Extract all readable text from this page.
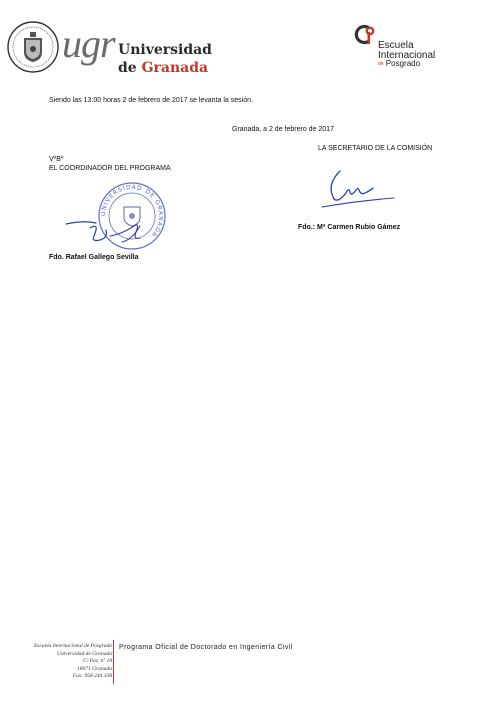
ugr Universidad
de Granada
Escuela
Internacional
de Posgrado
Siendo las 13:00 horas 2 de febrero de 2017 se levanta la sesión.
Granada, a 2 de febrero de 2017
LA SECRETARIO DE LA COMISIÓN
VºBº
EL COORDINADOR DEL PROGRAMA
UNIVERSIDAD DE GRANADA
Fdo.: Mª Carmen Rubio Gámez
Fdo. Rafael Gallego Sevilla
Escuela Internacional de Posgrado
Universidad de Granada
C/ Paz, nº 18
18071 Granada
Fax: 958 244 338
Programa Oficial de Doctorado en Ingeniería Civil
